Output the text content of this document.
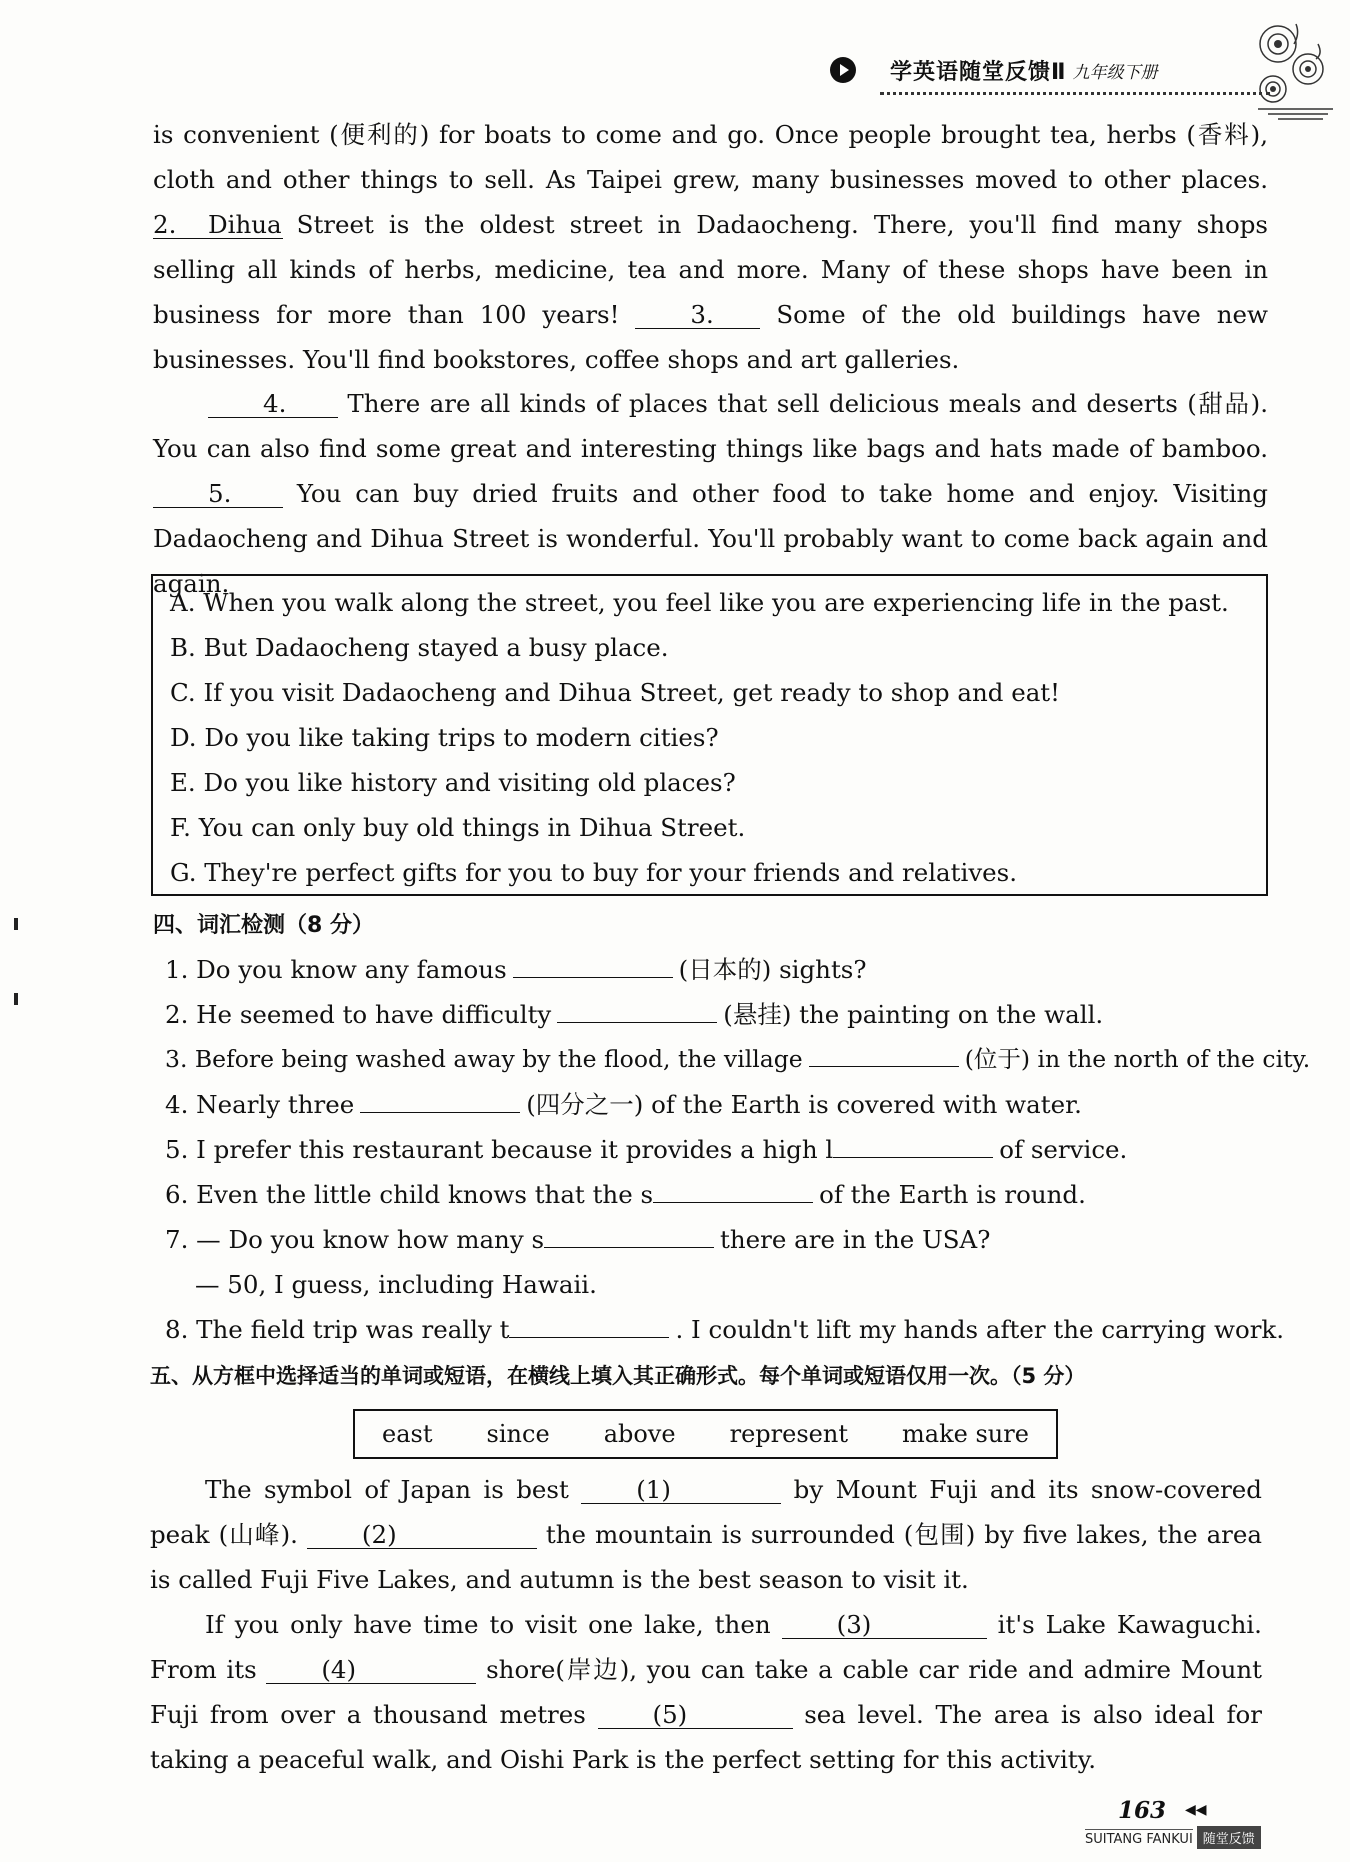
学英语随堂反馈Ⅱ 九年级下册
is convenient (便利的) for boats to come and go. Once people brought tea, herbs (香料), cloth and other things to sell. As Taipei grew, many businesses moved to other places. 2.	Dihua Street is the oldest street in Dadaocheng. There, you'll find many shops selling all kinds of herbs, medicine, tea and more. Many of these shops have been in business for more than 100 years!	3.	Some of the old buildings have new businesses. You'll find bookstores, coffee shops and art galleries.
4. There are all kinds of places that sell delicious meals and deserts (甜品). You can also find some great and interesting things like bags and hats made of bamboo. 5.	You can buy dried fruits and other food to take home and enjoy. Visiting Dadaocheng and Dihua Street is wonderful. You'll probably want to come back again and again.
A. When you walk along the street, you feel like you are experiencing life in the past.
B. But Dadaocheng stayed a busy place.
C. If you visit Dadaocheng and Dihua Street, get ready to shop and eat!
D. Do you like taking trips to modern cities?
E. Do you like history and visiting old places?
F. You can only buy old things in Dihua Street.
G. They're perfect gifts for you to buy for your friends and relatives.
四、词汇检测（8 分）
1. Do you know any famous	(日本的) sights?
2. He seemed to have difficulty	(悬挂) the painting on the wall.
3. Before being washed away by the flood, the village	(位于) in the north of the city.
4. Nearly three	(四分之一) of the Earth is covered with water.
5. I prefer this restaurant because it provides a high l	of service.
6. Even the little child knows that the s	of the Earth is round.
7. — Do you know how many s	there are in the USA?
— 50, I guess, including Hawaii.
8. The field trip was really t	. I couldn't lift my hands after the carrying work.
五、从方框中选择适当的单词或短语，在横线上填入其正确形式。每个单词或短语仅用一次。（5 分）
east since above represent make sure
The symbol of Japan is best	(1)	by Mount Fuji and its snow-covered peak (山峰).	(2)	the mountain is surrounded (包围) by five lakes, the area is called Fuji Five Lakes, and autumn is the best season to visit it.
If you only have time to visit one lake, then	(3)	it's Lake Kawaguchi. From its	(4)	shore(岸边), you can take a cable car ride and admire Mount Fuji from over a thousand metres	(5)	sea level. The area is also ideal for taking a peaceful walk, and Oishi Park is the perfect setting for this activity.
163 ◀◀
SUITANG FANKUI 随堂反馈
